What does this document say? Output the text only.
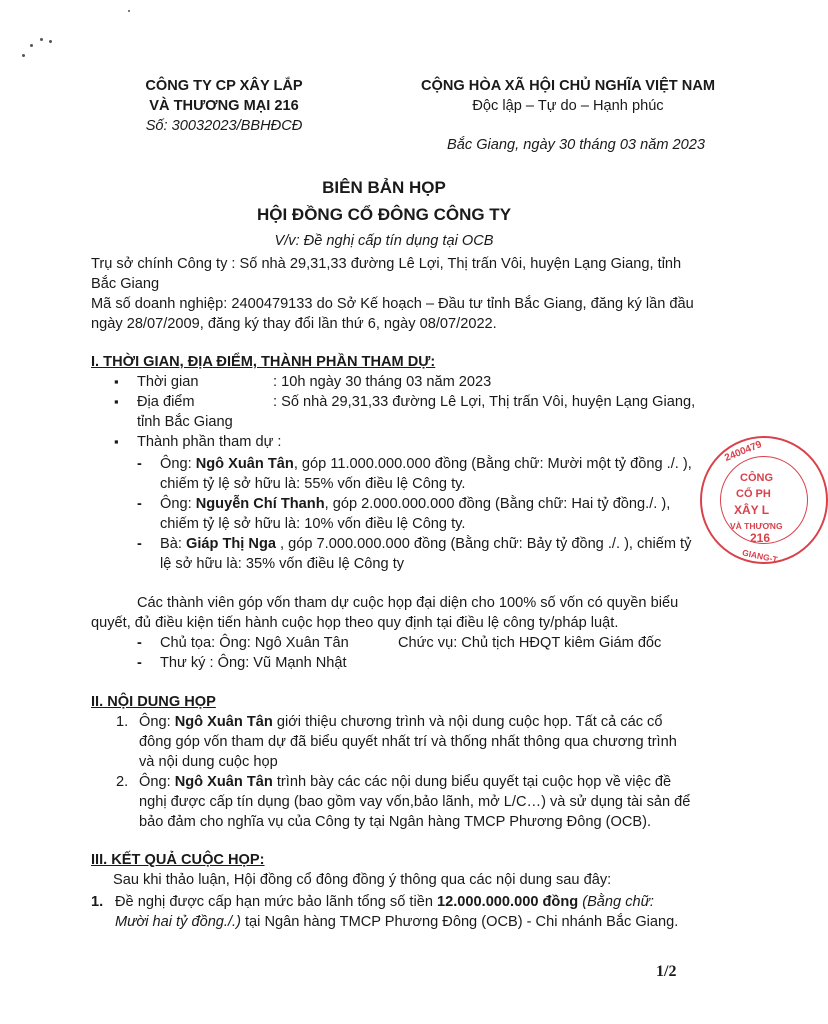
CÔNG TY CP XÂY LẮP
VÀ THƯƠNG MẠI 216
Số: 30032023/BBHĐCĐ
CỘNG HÒA XÃ HỘI CHỦ NGHĨA VIỆT NAM
Độc lập – Tự do – Hạnh phúc
Bắc Giang, ngày 30 tháng 03 năm 2023
BIÊN BẢN HỌP
HỘI ĐỒNG CỔ ĐÔNG CÔNG TY
V/v: Đề nghị cấp tín dụng tại OCB
Trụ sở chính Công ty : Số nhà 29,31,33 đường Lê Lợi, Thị trấn Vôi, huyện Lạng Giang, tỉnh
Bắc Giang
Mã số doanh nghiệp: 2400479133 do Sở Kế hoạch – Đầu tư tỉnh Bắc Giang, đăng ký lần đầu
ngày 28/07/2009, đăng ký thay đổi lần thứ 6, ngày 08/07/2022.
I. THỜI GIAN, ĐỊA ĐIỂM, THÀNH PHẦN THAM DỰ:
▪ Thời gian	: 10h ngày 30 tháng 03 năm 2023
▪ Địa điểm	: Số nhà 29,31,33 đường Lê Lợi, Thị trấn Vôi, huyện Lạng Giang,
tỉnh Bắc Giang
▪ Thành phần tham dự :
- Ông: Ngô Xuân Tân, góp 11.000.000.000 đồng (Bằng chữ: Mười một tỷ đồng ./. ),
chiếm tỷ lệ sở hữu là: 55% vốn điều lệ Công ty.
- Ông: Nguyễn Chí Thanh, góp 2.000.000.000 đồng (Bằng chữ: Hai tỷ đồng./. ),
chiếm tỷ lệ sở hữu là: 10% vốn điều lệ Công ty.
- Bà: Giáp Thị Nga , góp 7.000.000.000 đồng (Bằng chữ: Bảy tỷ đồng ./. ), chiếm tỷ
lệ sở hữu là: 35% vốn điều lệ Công ty
Các thành viên góp vốn tham dự cuộc họp đại diện cho 100% số vốn có quyền biểu
quyết, đủ điều kiện tiến hành cuộc họp theo quy định tại điều lệ công ty/pháp luật.
- Chủ tọa: Ông: Ngô Xuân Tân	Chức vụ: Chủ tịch HĐQT kiêm Giám đốc
- Thư ký : Ông: Vũ Mạnh Nhật
II. NỘI DUNG HỌP
1. Ông: Ngô Xuân Tân giới thiệu chương trình và nội dung cuộc họp. Tất cả các cổ
đông góp vốn tham dự đã biểu quyết nhất trí và thống nhất thông qua chương trình
và nội dung cuộc họp
2. Ông: Ngô Xuân Tân trình bày các các nội dung biểu quyết tại cuộc họp về việc đề
nghị được cấp tín dụng (bao gồm vay vốn,bảo lãnh, mở L/C…) và sử dụng tài sản để
bảo đảm cho nghĩa vụ của Công ty tại Ngân hàng TMCP Phương Đông (OCB).
III. KẾT QUẢ CUỘC HỌP:
Sau khi thảo luận, Hội đồng cổ đông đồng ý thông qua các nội dung sau đây:
1. Đề nghị được cấp hạn mức bảo lãnh tổng số tiền 12.000.000.000 đồng (Bằng chữ:
Mười hai tỷ đồng./.) tại Ngân hàng TMCP Phương Đông (OCB) - Chi nhánh Bắc Giang.
1/2
2400479
CÔNG
CỔ PH
XÂY L
VÀ THƯƠNG
216
GIANG-T
